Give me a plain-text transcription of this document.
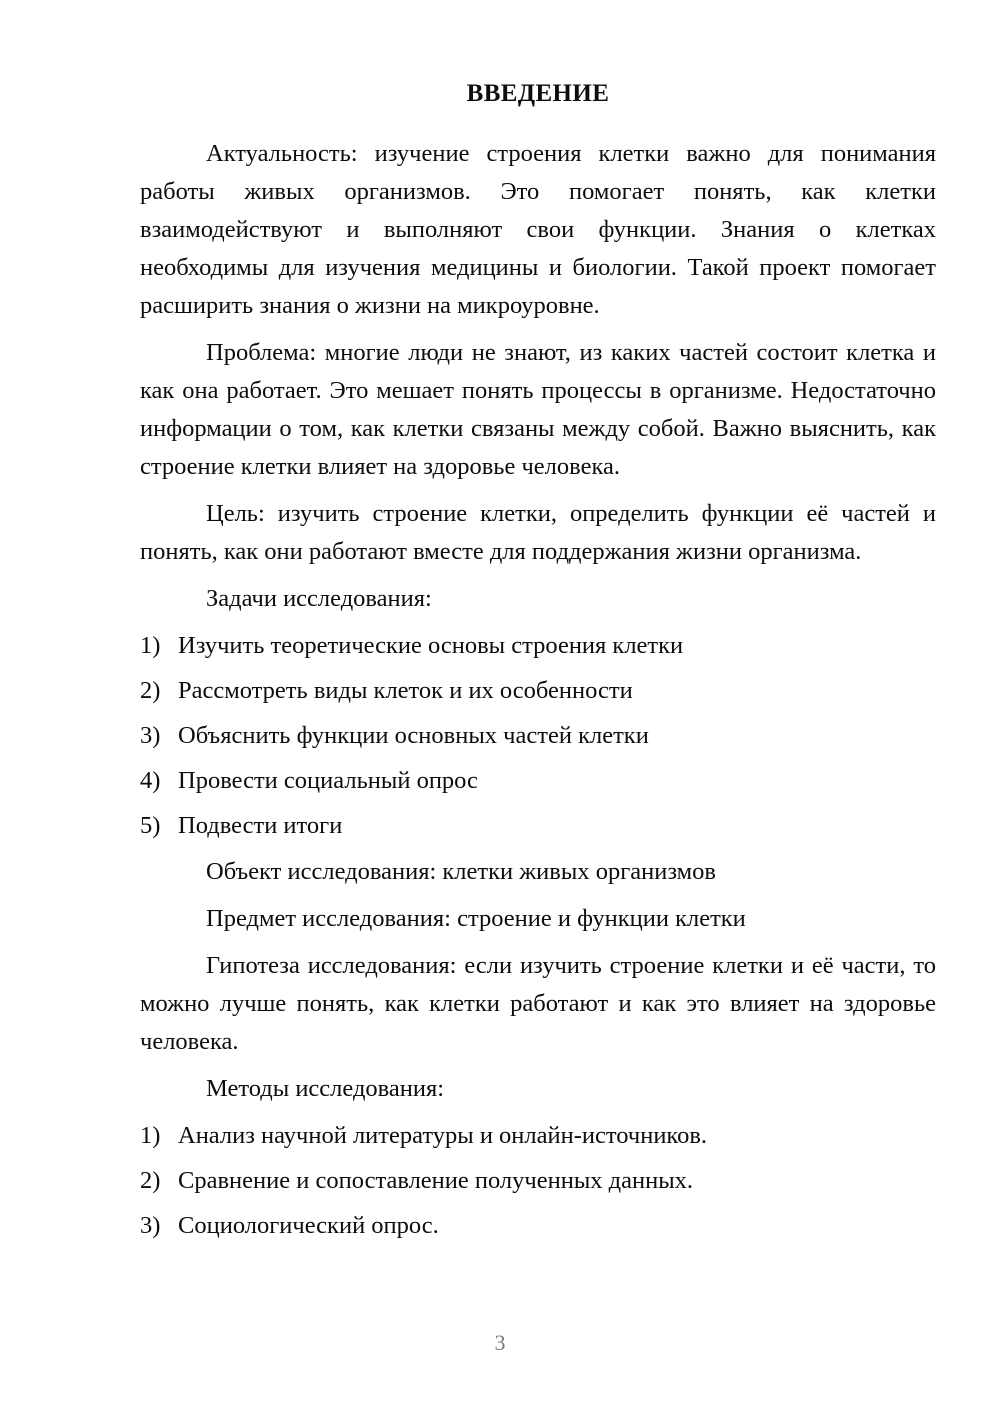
ВВЕДЕНИЕ

Актуальность: изучение строения клетки важно для понимания работы живых организмов. Это помогает понять, как клетки взаимодействуют и выполняют свои функции. Знания о клетках необходимы для изучения медицины и биологии. Такой проект помогает расширить знания о жизни на микроуровне.

Проблема: многие люди не знают, из каких частей состоит клетка и как она работает. Это мешает понять процессы в организме. Недостаточно информации о том, как клетки связаны между собой. Важно выяснить, как строение клетки влияет на здоровье человека.

Цель: изучить строение клетки, определить функции её частей и понять, как они работают вместе для поддержания жизни организма.

Задачи исследования:

1) Изучить теоретические основы строения клетки
2) Рассмотреть виды клеток и их особенности
3) Объяснить функции основных частей клетки
4) Провести социальный опрос
5) Подвести итоги

Объект исследования: клетки живых организмов

Предмет исследования: строение и функции клетки

Гипотеза исследования: если изучить строение клетки и её части, то можно лучше понять, как клетки работают и как это влияет на здоровье человека.

Методы исследования:

1) Анализ научной литературы и онлайн-источников.
2) Сравнение и сопоставление полученных данных.
3) Социологический опрос.
3
